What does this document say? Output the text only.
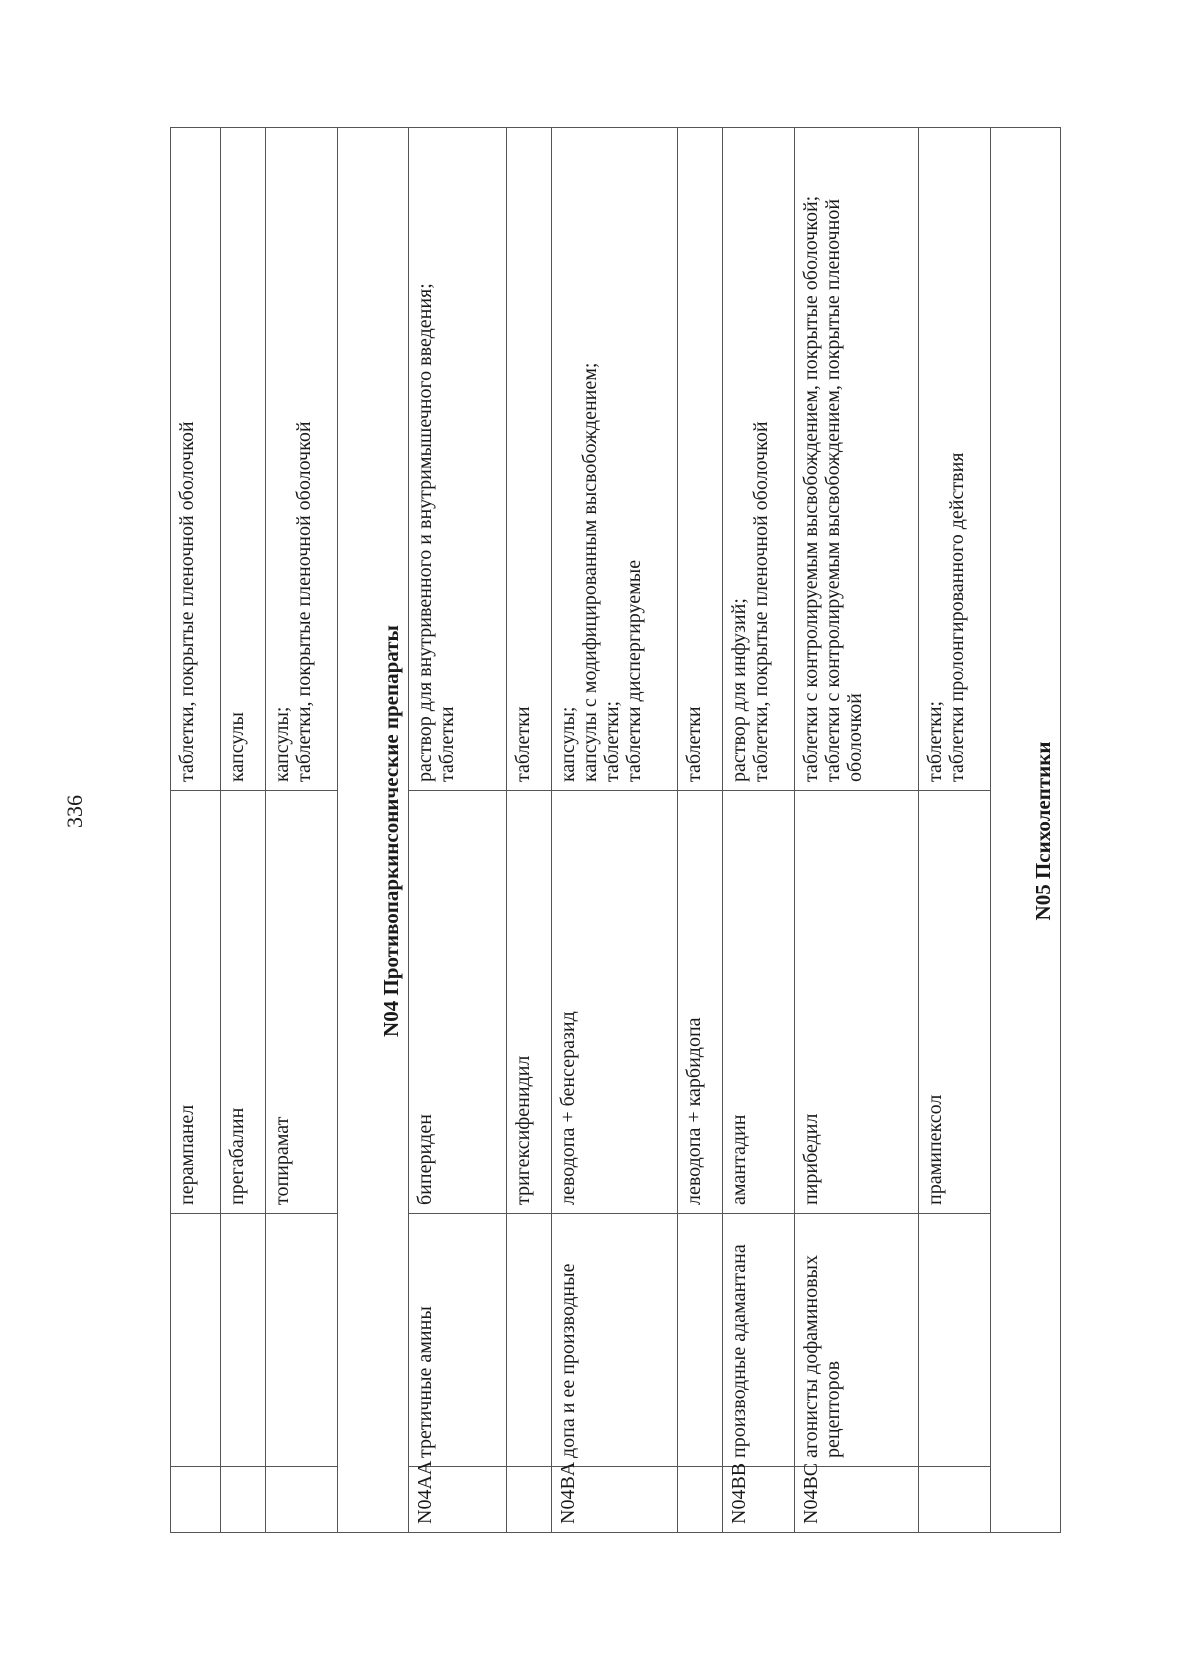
336
		перампанел	таблетки, покрытые пленочной оболочкой

		прегабалин	капсулы

		топирамат	капсулы; таблетки, покрытые пленочной оболочкой

N04 Противопаркинсонические препараты			
N04AA	третичные амины	бипериден	раствор для внутривенного и внутримышечного введения; таблетки

		тригексифенидил	таблетки

N04BA	допа и ее производные	леводопа + бенсеразид	капсулы; капсулы с модифицированным высвобождением; таблетки; таблетки диспергируемые

		леводопа + карбидопа	таблетки

N04BB	производные адамантана	амантадин	раствор для инфузий; таблетки, покрытые пленочной оболочкой

N04BC	агонисты дофаминовых рецепторов	пирибедил	таблетки с контролируемым высвобождением, покрытые оболочкой; таблетки с контролируемым высвобождением, покрытые пленочной оболочкой

		прамипексол	таблетки; таблетки пролонгированного действия

N05 Психолептики			
